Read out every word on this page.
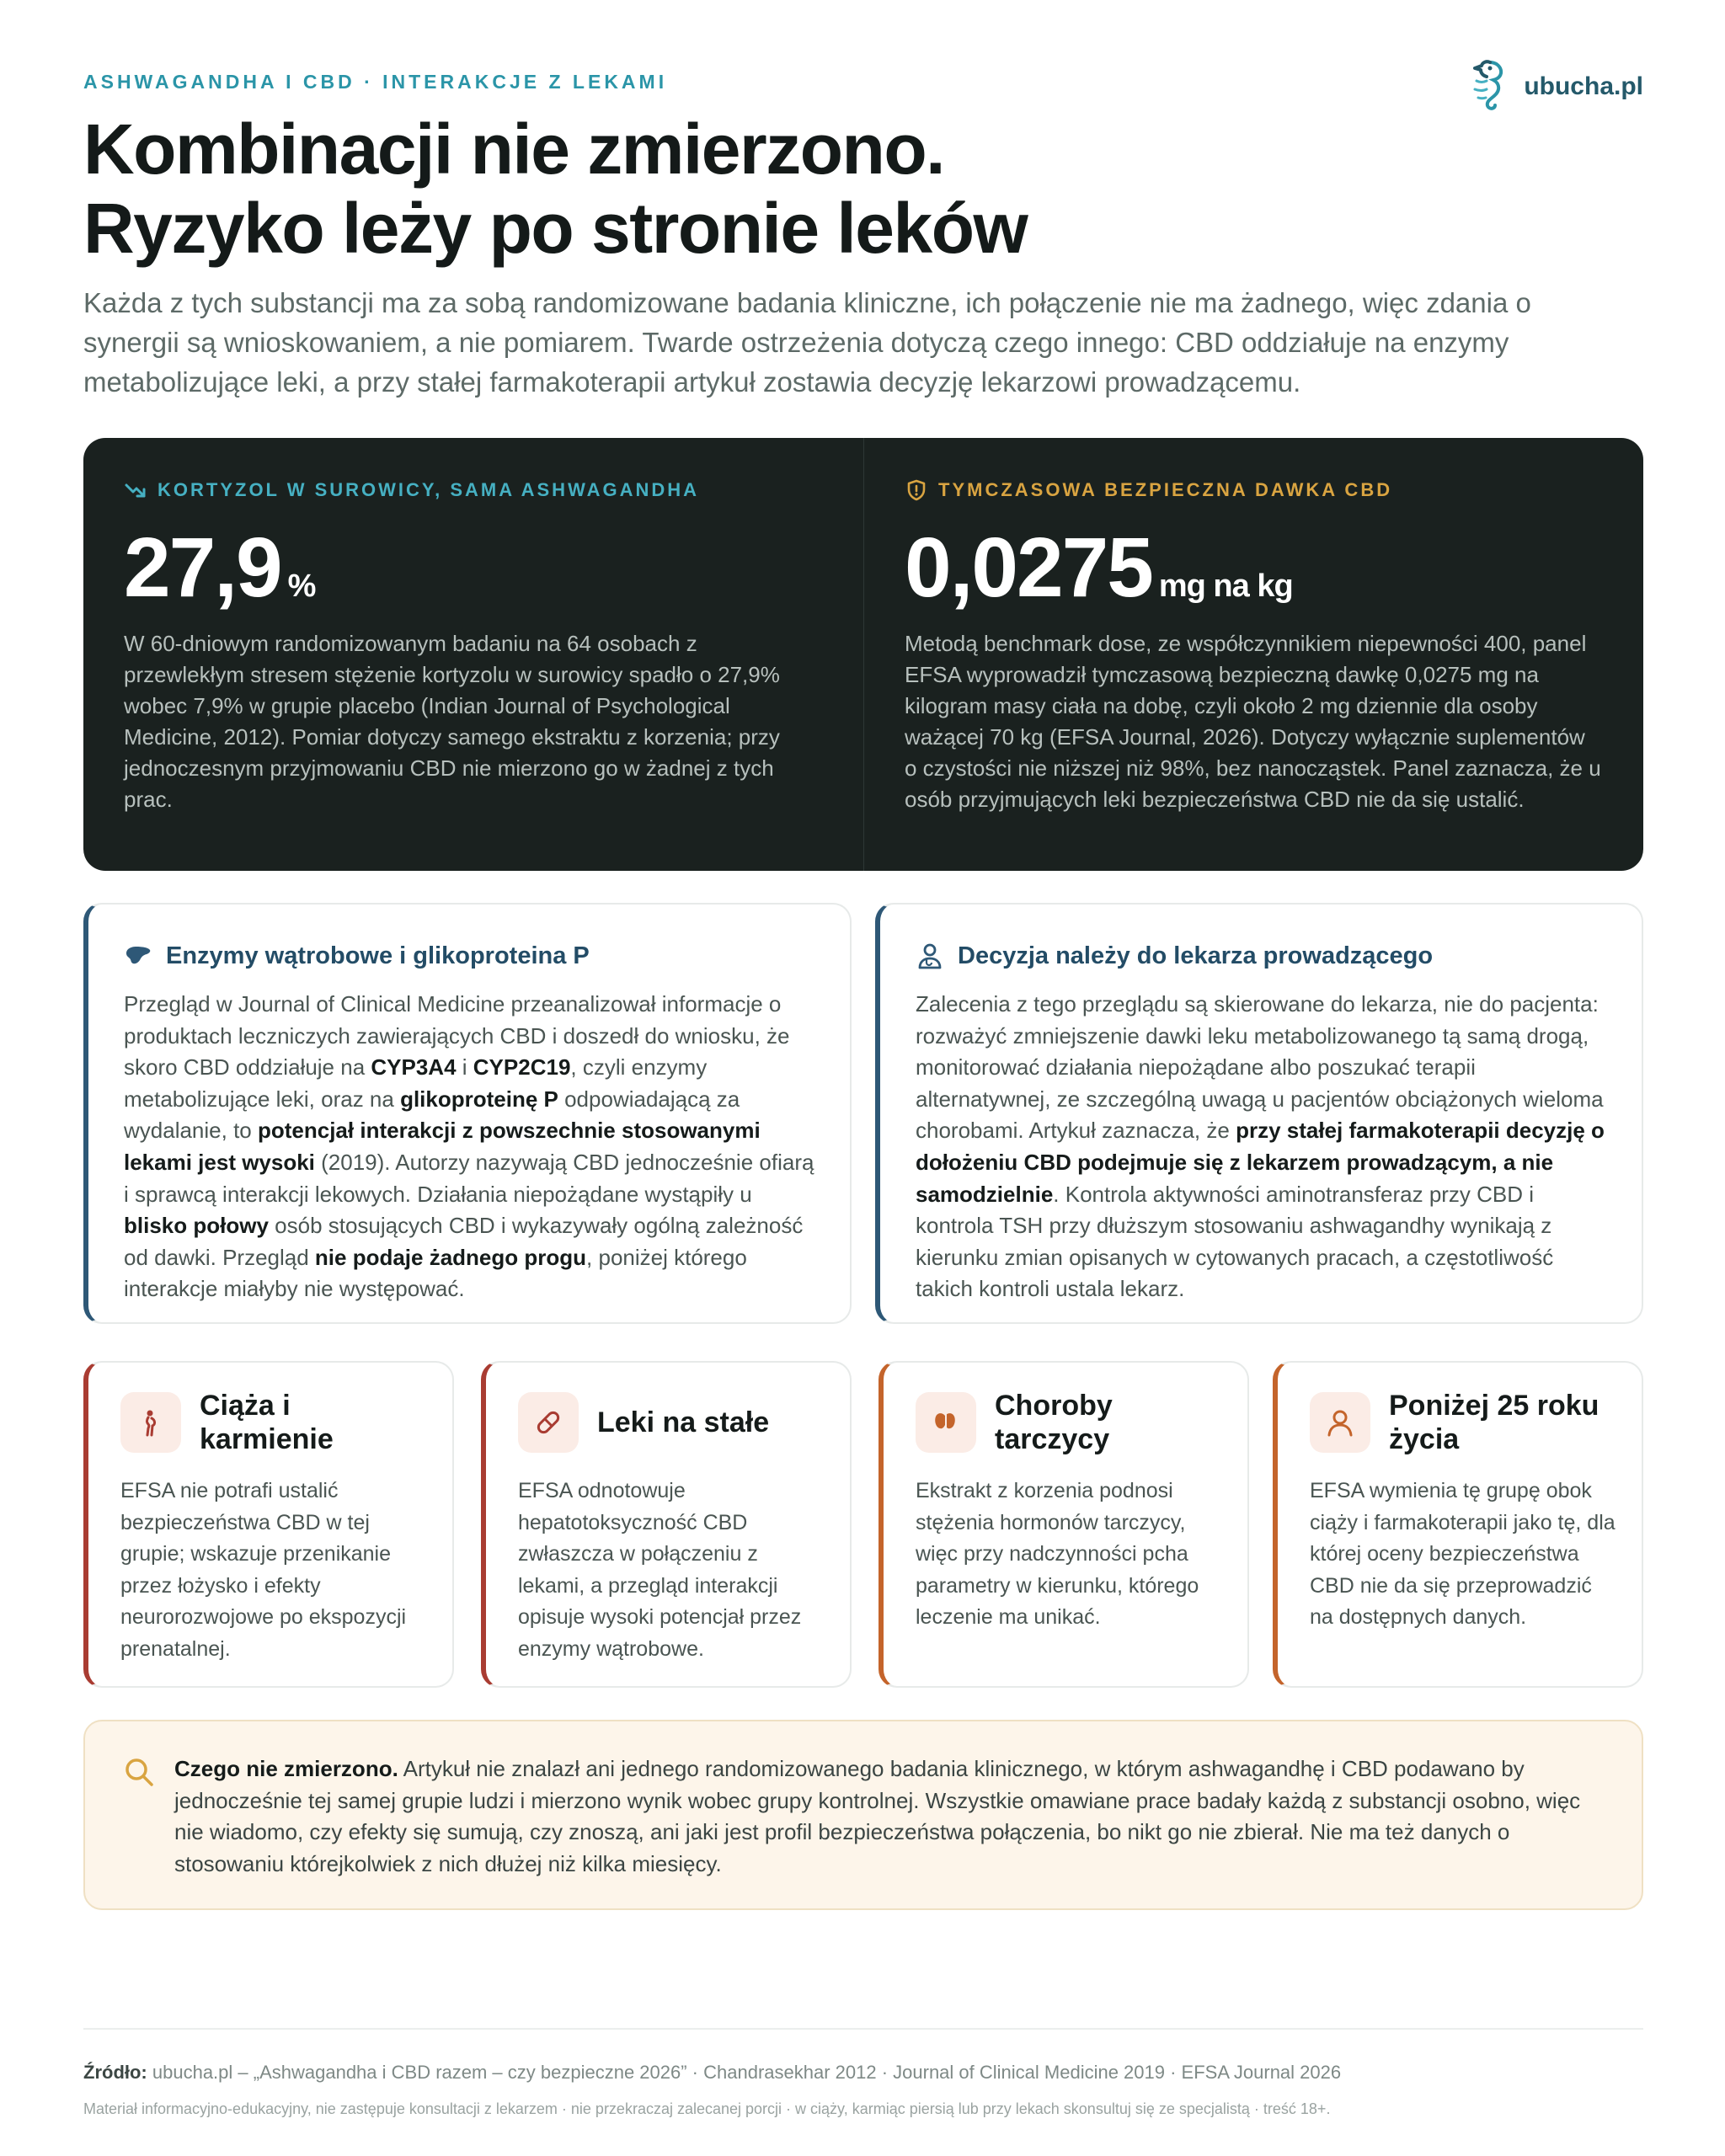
ASHWAGANDHA I CBD · INTERAKCJE Z LEKAMI	ubucha.pl
Kombinacji nie zmierzono.
Ryzyko leży po stronie leków

Każda z tych substancji ma za sobą randomizowane badania kliniczne, ich połączenie nie ma żadnego, więc zdania o synergii są wnioskowaniem, a nie pomiarem. Twarde ostrzeżenia dotyczą czego innego: CBD oddziałuje na enzymy metabolizujące leki, a przy stałej farmakoterapii artykuł zostawia decyzję lekarzowi prowadzącemu.

KORTYZOL W SUROWICY, SAMA ASHWAGANDHA
27,9 %

W 60-dniowym randomizowanym badaniu na 64 osobach z przewlekłym stresem stężenie kortyzolu w surowicy spadło o 27,9% wobec 7,9% w grupie placebo (Indian Journal of Psychological Medicine, 2012). Pomiar dotyczy samego ekstraktu z korzenia; przy jednoczesnym przyjmowaniu CBD nie mierzono go w żadnej z tych prac.

TYMCZASOWA BEZPIECZNA DAWKA CBD
0,0275 mg na kg

Metodą benchmark dose, ze współczynnikiem niepewności 400, panel EFSA wyprowadził tymczasową bezpieczną dawkę 0,0275 mg na kilogram masy ciała na dobę, czyli około 2 mg dziennie dla osoby ważącej 70 kg (EFSA Journal, 2026). Dotyczy wyłącznie suplementów o czystości nie niższej niż 98%, bez nanocząstek. Panel zaznacza, że u osób przyjmujących leki bezpieczeństwa CBD nie da się ustalić.

Enzymy wątrobowe i glikoproteina P

Przegląd w Journal of Clinical Medicine przeanalizował informacje o produktach leczniczych zawierających CBD i doszedł do wniosku, że skoro CBD oddziałuje na CYP3A4 i CYP2C19, czyli enzymy metabolizujące leki, oraz na glikoproteinę P odpowiadającą za wydalanie, to potencjał interakcji z powszechnie stosowanymi lekami jest wysoki (2019). Autorzy nazywają CBD jednocześnie ofiarą i sprawcą interakcji lekowych. Działania niepożądane wystąpiły u blisko połowy osób stosujących CBD i wykazywały ogólną zależność od dawki. Przegląd nie podaje żadnego progu, poniżej którego interakcje miałyby nie występować.

Decyzja należy do lekarza prowadzącego

Zalecenia z tego przeglądu są skierowane do lekarza, nie do pacjenta: rozważyć zmniejszenie dawki leku metabolizowanego tą samą drogą, monitorować działania niepożądane albo poszukać terapii alternatywnej, ze szczególną uwagą u pacjentów obciążonych wieloma chorobami. Artykuł zaznacza, że przy stałej farmakoterapii decyzję o dołożeniu CBD podejmuje się z lekarzem prowadzącym, a nie samodzielnie. Kontrola aktywności aminotransferaz przy CBD i kontrola TSH przy dłuższym stosowaniu ashwagandhy wynikają z kierunku zmian opisanych w cytowanych pracach, a częstotliwość takich kontroli ustala lekarz.

Ciąża i karmienie

EFSA nie potrafi ustalić bezpieczeństwa CBD w tej grupie; wskazuje przenikanie przez łożysko i efekty neurorozwojowe po ekspozycji prenatalnej.

Leki na stałe

EFSA odnotowuje hepatotoksyczność CBD zwłaszcza w połączeniu z lekami, a przegląd interakcji opisuje wysoki potencjał przez enzymy wątrobowe.

Choroby tarczycy

Ekstrakt z korzenia podnosi stężenia hormonów tarczycy, więc przy nadczynności pcha parametry w kierunku, którego leczenie ma unikać.

Poniżej 25 roku życia

EFSA wymienia tę grupę obok ciąży i farmakoterapii jako tę, dla której oceny bezpieczeństwa CBD nie da się przeprowadzić na dostępnych danych.

Czego nie zmierzono. Artykuł nie znalazł ani jednego randomizowanego badania klinicznego, w którym ashwagandhę i CBD podawano by jednocześnie tej samej grupie ludzi i mierzono wynik wobec grupy kontrolnej. Wszystkie omawiane prace badały każdą z substancji osobno, więc nie wiadomo, czy efekty się sumują, czy znoszą, ani jaki jest profil bezpieczeństwa połączenia, bo nikt go nie zbierał. Nie ma też danych o stosowaniu którejkolwiek z nich dłużej niż kilka miesięcy.

Źródło: ubucha.pl – „Ashwagandha i CBD razem – czy bezpieczne 2026” · Chandrasekhar 2012 · Journal of Clinical Medicine 2019 · EFSA Journal 2026
Materiał informacyjno-edukacyjny, nie zastępuje konsultacji z lekarzem · nie przekraczaj zalecanej porcji · w ciąży, karmiąc piersią lub przy lekach skonsultuj się ze specjalistą · treść 18+.
